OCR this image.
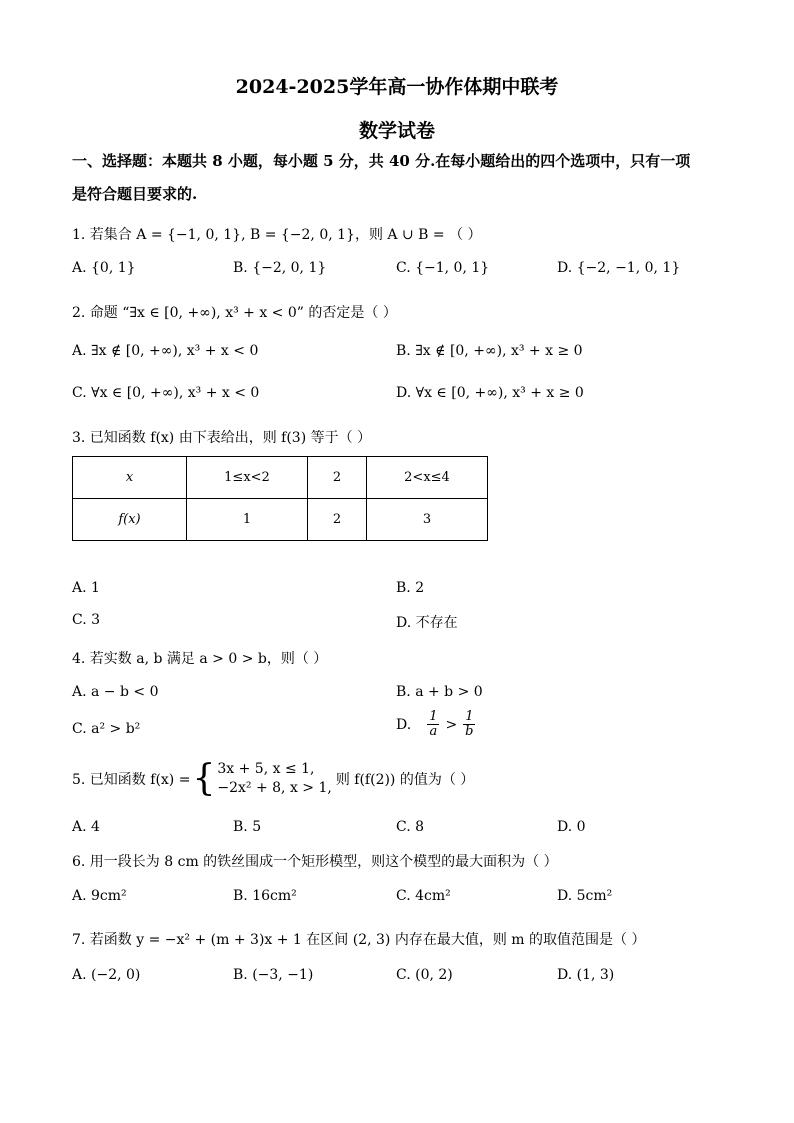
2024-2025学年高一协作体期中联考
数学试卷
一、选择题：本题共 8 小题，每小题 5 分，共 40 分.在每小题给出的四个选项中，只有一项
是符合题目要求的.
1. 若集合 A = {−1, 0, 1}, B = {−2, 0, 1}，则 A ∪ B = （ ）
A. {0, 1}	B. {−2, 0, 1}	C. {−1, 0, 1}	D. {−2, −1, 0, 1}
2. 命题 “∃x ∈ [0, +∞), x³ + x < 0” 的否定是（ ）
A. ∃x ∉ [0, +∞), x³ + x < 0	B. ∃x ∉ [0, +∞), x³ + x ≥ 0
C. ∀x ∈ [0, +∞), x³ + x < 0	D. ∀x ∈ [0, +∞), x³ + x ≥ 0
3. 已知函数 f(x) 由下表给出，则 f(3) 等于（ ）
x	1≤x<2	2	2<x≤4
f(x)	1	2	3
A. 1	B. 2
C. 3	D. 不存在
4. 若实数 a, b 满足 a > 0 > b，则（ ）
A. a − b < 0	B. a + b > 0
C. a² > b²	D. $\frac{1}{a} > \frac{1}{b}$
5. 已知函数 f(x) = { 3x + 5, x ≤ 1,
−2x² + 8, x > 1, 则 f(f(2)) 的值为（ ）
A. 4	B. 5	C. 8	D. 0
6. 用一段长为 8 cm 的铁丝围成一个矩形模型，则这个模型的最大面积为（ ）
A. 9cm²	B. 16cm²	C. 4cm²	D. 5cm²
7. 若函数 y = −x² + (m + 3)x + 1 在区间 (2, 3) 内存在最大值，则 m 的取值范围是（ ）
A. (−2, 0)	B. (−3, −1)	C. (0, 2)	D. (1, 3)
